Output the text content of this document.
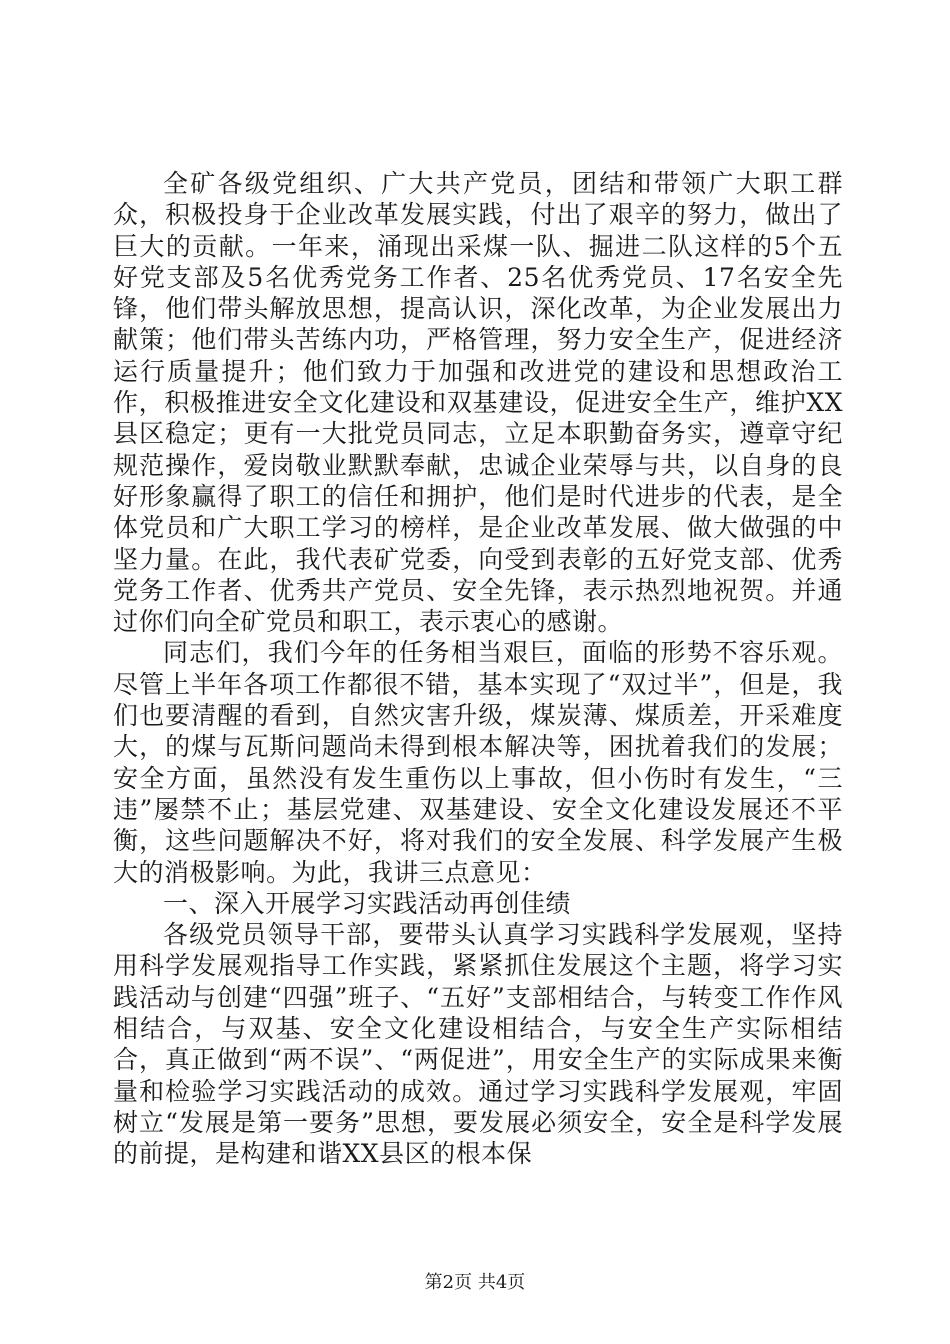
全矿各级党组织、广大共产党员，团结和带领广大职工群众，积极投身于企业改革发展实践，付出了艰辛的努力，做出了巨大的贡献。一年来，涌现出采煤一队、掘进二队这样的5个五好党支部及5名优秀党务工作者、25名优秀党员、17名安全先锋，他们带头解放思想，提高认识，深化改革，为企业发展出力献策；他们带头苦练内功，严格管理，努力安全生产，促进经济运行质量提升；他们致力于加强和改进党的建设和思想政治工作，积极推进安全文化建设和双基建设，促进安全生产，维护XX县区稳定；更有一大批党员同志，立足本职勤奋务实，遵章守纪规范操作，爱岗敬业默默奉献，忠诚企业荣辱与共，以自身的良好形象赢得了职工的信任和拥护，他们是时代进步的代表，是全体党员和广大职工学习的榜样，是企业改革发展、做大做强的中坚力量。在此，我代表矿党委，向受到表彰的五好党支部、优秀党务工作者、优秀共产党员、安全先锋，表示热烈地祝贺。并通过你们向全矿党员和职工，表示衷心的感谢。

同志们，我们今年的任务相当艰巨，面临的形势不容乐观。尽管上半年各项工作都很不错，基本实现了“双过半”，但是，我们也要清醒的看到，自然灾害升级，煤炭薄、煤质差，开采难度大，的煤与瓦斯问题尚未得到根本解决等，困扰着我们的发展；安全方面，虽然没有发生重伤以上事故，但小伤时有发生，“三违”屡禁不止；基层党建、双基建设、安全文化建设发展还不平衡，这些问题解决不好，将对我们的安全发展、科学发展产生极大的消极影响。为此，我讲三点意见：

一、深入开展学习实践活动再创佳绩

各级党员领导干部，要带头认真学习实践科学发展观，坚持用科学发展观指导工作实践，紧紧抓住发展这个主题，将学习实践活动与创建“四强”班子、“五好”支部相结合，与转变工作作风相结合，与双基、安全文化建设相结合，与安全生产实际相结合，真正做到“两不误”、“两促进”，用安全生产的实际成果来衡量和检验学习实践活动的成效。通过学习实践科学发展观，牢固树立“发展是第一要务”思想，要发展必须安全，安全是科学发展的前提，是构建和谐XX县区的根本保

第2页 共4页
